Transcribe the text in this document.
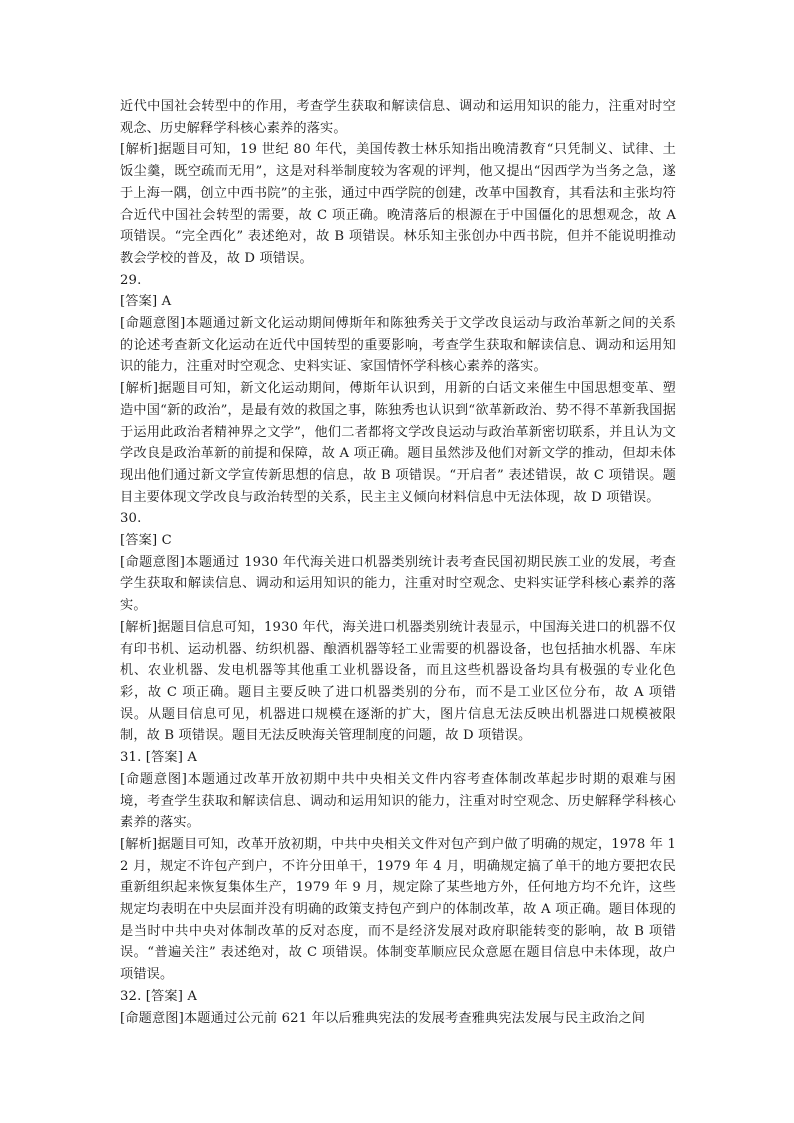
近代中国社会转型中的作用，考查学生获取和解读信息、调动和运用知识的能力，注重对时空观念、历史解释学科核心素养的落实。

[解析]据题目可知，19 世纪 80 年代，美国传教士林乐知指出晚清教育“只凭制义、试律、土饭尘羹，既空疏而无用”，这是对科举制度较为客观的评判，他又提出“因西学为当务之急，遂于上海一隅，创立中西书院”的主张，通过中西学院的创建，改革中国教育，其看法和主张均符合近代中国社会转型的需要，故 C 项正确。晚清落后的根源在于中国僵化的思想观念，故 A 项错误。“完全西化” 表述绝对，故 B 项错误。林乐知主张创办中西书院，但并不能说明推动教会学校的普及，故 D 项错误。

29.

[答案] A

[命题意图]本题通过新文化运动期间傅斯年和陈独秀关于文学改良运动与政治革新之间的关系的论述考查新文化运动在近代中国转型的重要影响，考查学生获取和解读信息、调动和运用知识的能力，注重对时空观念、史料实证、家国情怀学科核心素养的落实。

[解析]据题目可知，新文化运动期间，傅斯年认识到，用新的白话文来催生中国思想变革、塑造中国“新的政治”，是最有效的救国之事，陈独秀也认识到“欲革新政治、势不得不革新我国据于运用此政治者精神界之文学”，他们二者都将文学改良运动与政治革新密切联系，并且认为文学改良是政治革新的前提和保障，故 A 项正确。题目虽然涉及他们对新文学的推动，但却未体现出他们通过新文学宣传新思想的信息，故 B 项错误。“开启者” 表述错误，故 C 项错误。题目主要体现文学改良与政治转型的关系，民主主义倾向材料信息中无法体现，故 D 项错误。

30.

[答案] C

[命题意图]本题通过 1930 年代海关进口机器类别统计表考查民国初期民族工业的发展，考查学生获取和解读信息、调动和运用知识的能力，注重对时空观念、史料实证学科核心素养的落实。

[解析]据题目信息可知，1930 年代，海关进口机器类别统计表显示，中国海关进口的机器不仅有印书机、运动机器、纺织机器、酿酒机器等轻工业需要的机器设备，也包括抽水机器、车床机、农业机器、发电机器等其他重工业机器设备，而且这些机器设备均具有极强的专业化色彩，故 C 项正确。题目主要反映了进口机器类别的分布，而不是工业区位分布，故 A 项错误。从题目信息可见，机器进口规模在逐渐的扩大，图片信息无法反映出机器进口规模被限制，故 B 项错误。题目无法反映海关管理制度的问题，故 D 项错误。

31. [答案] A

[命题意图]本题通过改革开放初期中共中央相关文件内容考查体制改革起步时期的艰难与困境，考查学生获取和解读信息、调动和运用知识的能力，注重对时空观念、历史解释学科核心素养的落实。

[解析]据题目可知，改革开放初期，中共中央相关文件对包产到户做了明确的规定，1978 年 12 月，规定不许包产到户，不许分田单干，1979 年 4 月，明确规定搞了单干的地方要把农民重新组织起来恢复集体生产，1979 年 9 月，规定除了某些地方外，任何地方均不允许，这些规定均表明在中央层面并没有明确的政策支持包产到户的体制改革，故 A 项正确。题目体现的是当时中共中央对体制改革的反对态度，而不是经济发展对政府职能转变的影响，故 B 项错误。“普遍关注” 表述绝对，故 C 项错误。体制变革顺应民众意愿在题目信息中未体现，故户项错误。

32. [答案] A

[命题意图]本题通过公元前 621 年以后雅典宪法的发展考查雅典宪法发展与民主政治之间
